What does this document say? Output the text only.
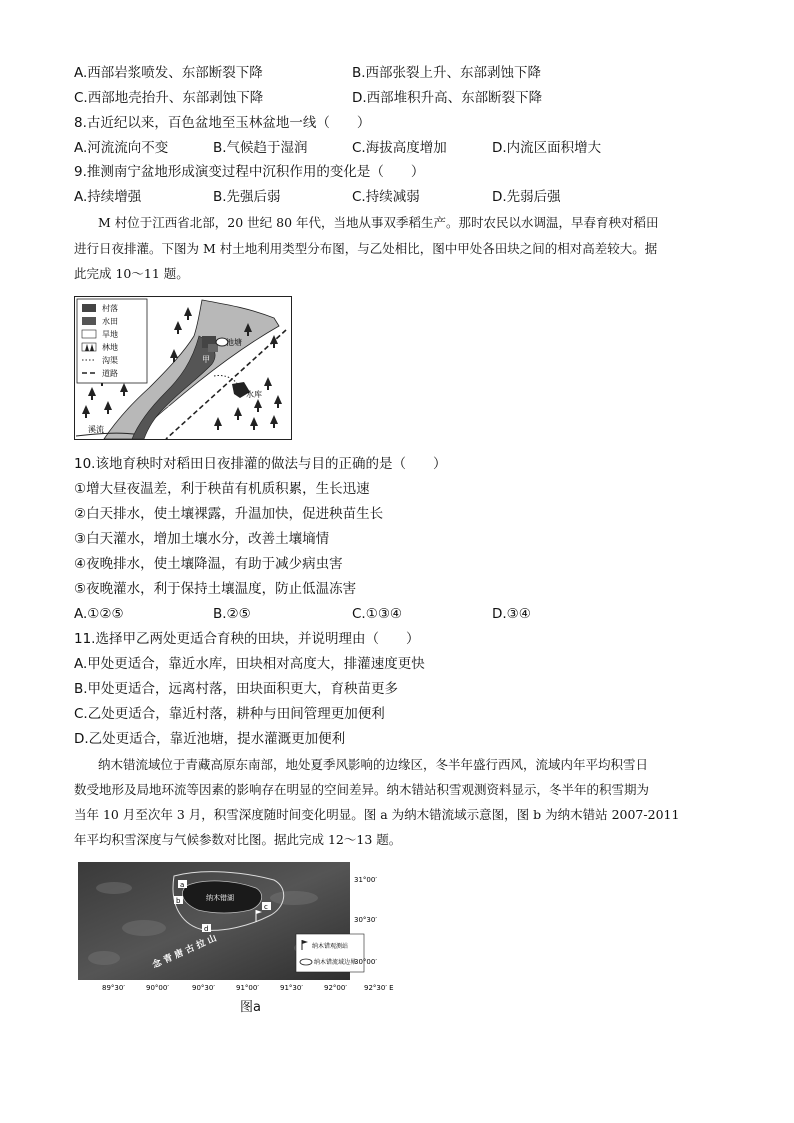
A.西部岩浆喷发、东部断裂下降	B.西部张裂上升、东部剥蚀下降
C.西部地壳抬升、东部剥蚀下降	D.西部堆积升高、东部断裂下降
8.古近纪以来，百色盆地至玉林盆地一线（　　）
A.河流流向不变	B.气候趋于湿润	C.海拔高度增加	D.内流区面积增大
9.推测南宁盆地形成演变过程中沉积作用的变化是（　　）
A.持续增强	B.先强后弱	C.持续减弱	D.先弱后强
M 村位于江西省北部，20 世纪 80 年代，当地从事双季稻生产。那时农民以水调温，早春育秧对稻田
进行日夜排灌。下图为 M 村土地利用类型分布图，与乙处相比，图中甲处各田块之间的相对高差较大。据
此完成 10～11 题。
村落
水田
旱地
林地
沟渠
道路
池塘
水库
溪流
甲
乙
10.该地育秧时对稻田日夜排灌的做法与目的正确的是（　　）
①增大昼夜温差，利于秧苗有机质积累，生长迅速
②白天排水，使土壤裸露，升温加快，促进秧苗生长
③白天灌水，增加土壤水分，改善土壤墒情
④夜晚排水，使土壤降温，有助于减少病虫害
⑤夜晚灌水，利于保持土壤温度，防止低温冻害
A.①②⑤	B.②⑤	C.①③④	D.③④
11.选择甲乙两处更适合育秧的田块，并说明理由（　　）
A.甲处更适合，靠近水库，田块相对高度大，排灌速度更快
B.甲处更适合，远离村落，田块面积更大，育秧苗更多
C.乙处更适合，靠近村落，耕种与田间管理更加便利
D.乙处更适合，靠近池塘，提水灌溉更加便利
纳木错流域位于青藏高原东南部，地处夏季风影响的边缘区，冬半年盛行西风，流域内年平均积雪日
数受地形及局地环流等因素的影响存在明显的空间差异。纳木错站积雪观测资料显示，冬半年的积雪期为
当年 10 月至次年 3 月，积雪深度随时间变化明显。图 a 为纳木错流域示意图，图 b 为纳木错站 2007-2011
年平均积雪深度与气候参数对比图。据此完成 12～13 题。
纳木错湖
念青唐古拉山
a
b
c
d
纳木错观测站
纳木错流域边界
31°00′
30°30′
30°00′
89°30′	90°00′	90°30′	91°00′	91°30′	92°00′ 92°30′ E
图a
